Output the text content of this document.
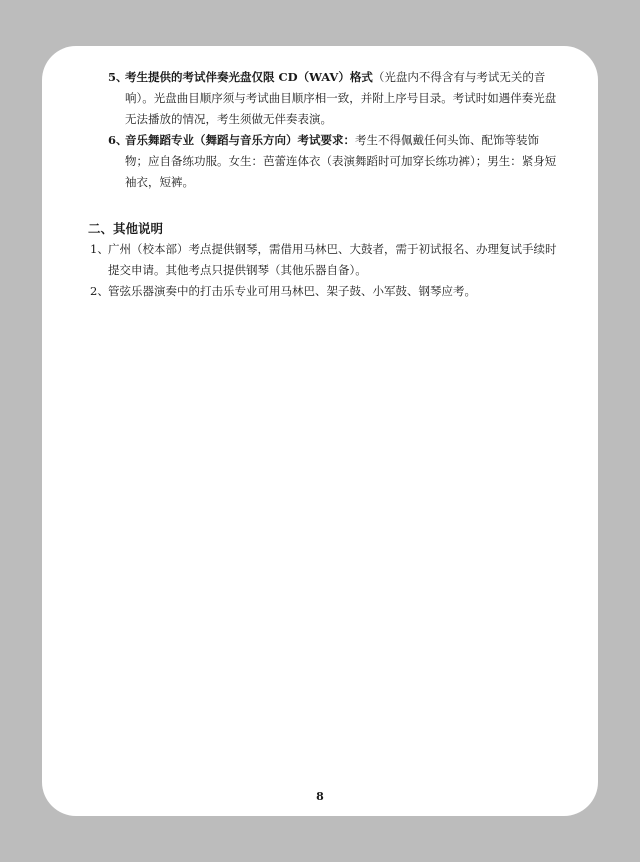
5、
考生提供的考试伴奏光盘仅限 CD（WAV）格式（光盘内不得含有与考试无关的音响）。光盘曲目顺序须与考试曲目顺序相一致，并附上序号目录。考试时如遇伴奏光盘无法播放的情况，考生须做无伴奏表演。
6、
音乐舞蹈专业（舞蹈与音乐方向）考试要求：考生不得佩戴任何头饰、配饰等装饰物；应自备练功服。女生：芭蕾连体衣（表演舞蹈时可加穿长练功裤）；男生：紧身短袖衣，短裤。
二、其他说明
1、 广州（校本部）考点提供钢琴，需借用马林巴、大鼓者，需于初试报名、办理复试手续时提交申请。其他考点只提供钢琴（其他乐器自备）。
2、 管弦乐器演奏中的打击乐专业可用马林巴、架子鼓、小军鼓、钢琴应考。
8
